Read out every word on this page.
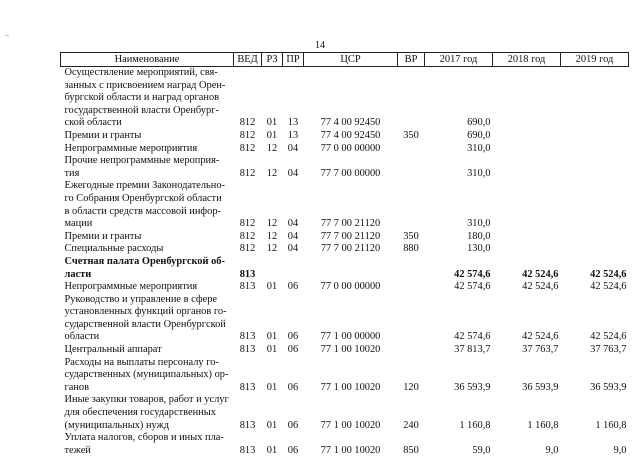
14
Наименование	ВЕД	РЗ	ПР	ЦСР	ВР	2017 год	2018 год	2019 год
Осуществление мероприятий, свя-
занных с присвоением наград Орен-
бургской области и наград органов
государственной власти Оренбург-
ской области	812	01	13	77 4 00 92450		690,0		
Премии и гранты	812	01	13	77 4 00 92450	350	690,0		
Непрограммные мероприятия	812	12	04	77 0 00 00000		310,0		
Прочие непрограммные мероприя-
тия	812	12	04	77 7 00 00000		310,0		
Ежегодные премии Законодательно-
го Собрания Оренбургской области
в области средств массовой инфор-
мации	812	12	04	77 7 00 21120		310,0		
Премии и гранты	812	12	04	77 7 00 21120	350	180,0		
Специальные расходы	812	12	04	77 7 00 21120	880	130,0		
Счетная палата Оренбургской об-
ласти	813					42 574,6	42 524,6	42 524,6
Непрограммные мероприятия	813	01	06	77 0 00 00000		42 574,6	42 524,6	42 524,6
Руководство и управление в сфере
установленных функций органов го-
сударственной власти Оренбургской
области	813	01	06	77 1 00 00000		42 574,6	42 524,6	42 524,6
Центральный аппарат	813	01	06	77 1 00 10020		37 813,7	37 763,7	37 763,7
Расходы на выплаты персоналу го-
сударственных (муниципальных) ор-
ганов	813	01	06	77 1 00 10020	120	36 593,9	36 593,9	36 593,9
Иные закупки товаров, работ и услуг
для обеспечения государственных
(муниципальных) нужд	813	01	06	77 1 00 10020	240	1 160,8	1 160,8	1 160,8
Уплата налогов, сборов и иных пла-
тежей	813	01	06	77 1 00 10020	850	59,0	9,0	9,0
